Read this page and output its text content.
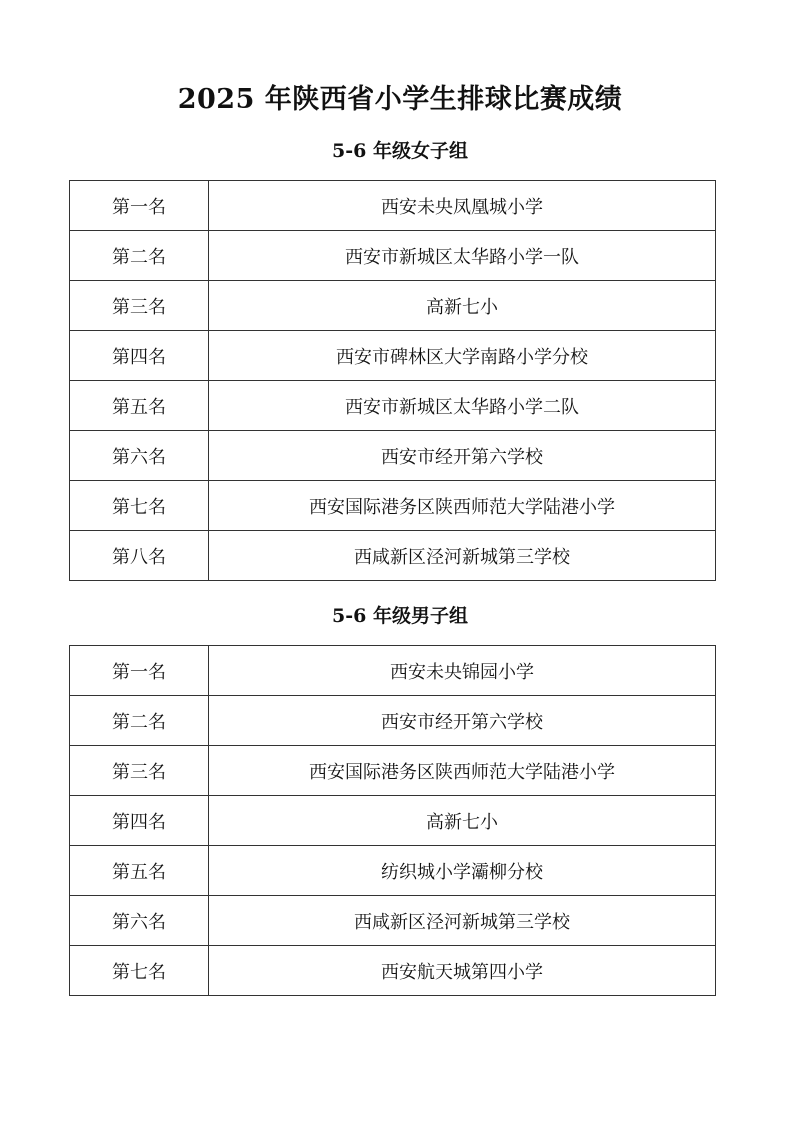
2025 年陕西省小学生排球比赛成绩
5-6 年级女子组
第一名	西安未央凤凰城小学
第二名	西安市新城区太华路小学一队
第三名	高新七小
第四名	西安市碑林区大学南路小学分校
第五名	西安市新城区太华路小学二队
第六名	西安市经开第六学校
第七名	西安国际港务区陕西师范大学陆港小学
第八名	西咸新区泾河新城第三学校
5-6 年级男子组
第一名	西安未央锦园小学
第二名	西安市经开第六学校
第三名	西安国际港务区陕西师范大学陆港小学
第四名	高新七小
第五名	纺织城小学灞柳分校
第六名	西咸新区泾河新城第三学校
第七名	西安航天城第四小学
